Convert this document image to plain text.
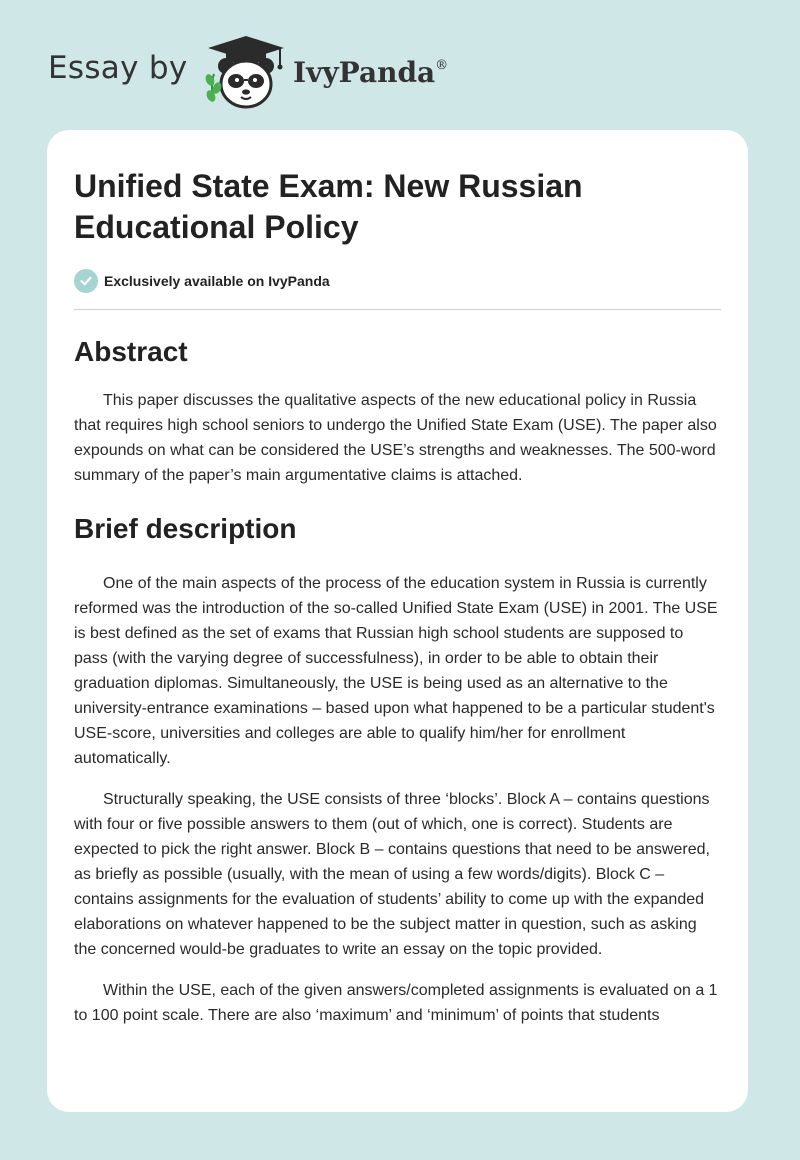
Essay by	IvyPanda®
Unified State Exam: New Russian Educational Policy
Exclusively available on IvyPanda
Abstract

This paper discusses the qualitative aspects of the new educational policy in Russia that requires high school seniors to undergo the Unified State Exam (USE). The paper also expounds on what can be considered the USE’s strengths and weaknesses. The 500-word summary of the paper’s main argumentative claims is attached.

Brief description

One of the main aspects of the process of the education system in Russia is currently reformed was the introduction of the so-called Unified State Exam (USE) in 2001. The USE is best defined as the set of exams that Russian high school students are supposed to pass (with the varying degree of successfulness), in order to be able to obtain their graduation diplomas. Simultaneously, the USE is being used as an alternative to the university-entrance examinations – based upon what happened to be a particular student's USE-score, universities and colleges are able to qualify him/her for enrollment automatically.

Structurally speaking, the USE consists of three ‘blocks’. Block A – contains questions with four or five possible answers to them (out of which, one is correct). Students are expected to pick the right answer. Block B – contains questions that need to be answered, as briefly as possible (usually, with the mean of using a few words/digits). Block C – contains assignments for the evaluation of students’ ability to come up with the expanded elaborations on whatever happened to be the subject matter in question, such as asking the concerned would-be graduates to write an essay on the topic provided.

Within the USE, each of the given answers/completed assignments is evaluated on a 1 to 100 point scale. There are also ‘maximum’ and ‘minimum’ of points that students
